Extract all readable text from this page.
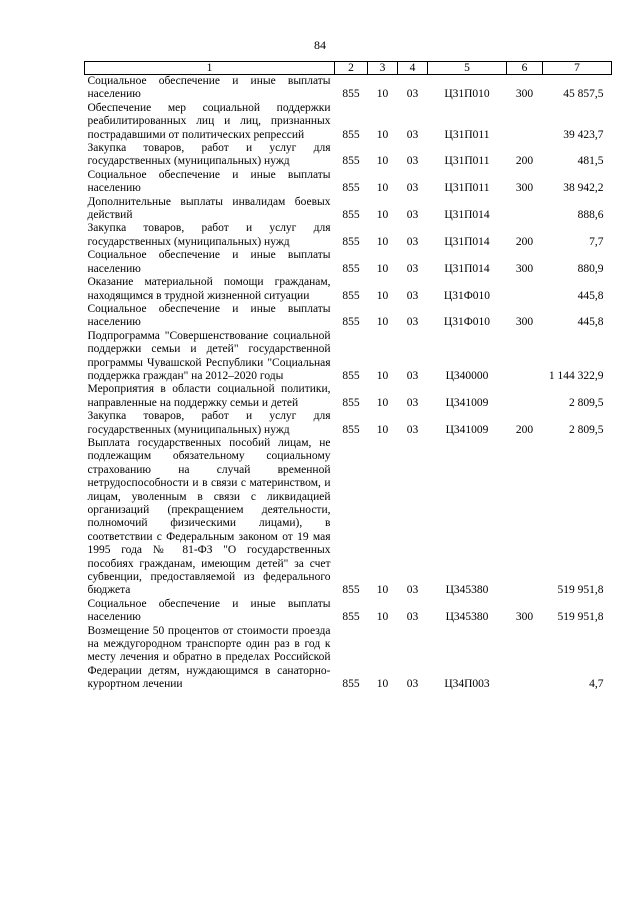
84
1	2	3	4	5	6	7
Социальное обеспечение и иные выплаты населению	855	10	03	Ц31П010	300	45 857,5
Обеспечение мер социальной поддержки реабилитированных лиц и лиц, признанных пострадавшими от политических репрессий	855	10	03	Ц31П011		39 423,7
Закупка товаров, работ и услуг для государственных (муниципальных) нужд	855	10	03	Ц31П011	200	481,5
Социальное обеспечение и иные выплаты населению	855	10	03	Ц31П011	300	38 942,2
Дополнительные выплаты инвалидам боевых действий	855	10	03	Ц31П014		888,6
Закупка товаров, работ и услуг для государственных (муниципальных) нужд	855	10	03	Ц31П014	200	7,7
Социальное обеспечение и иные выплаты населению	855	10	03	Ц31П014	300	880,9
Оказание материальной помощи гражданам, находящимся в трудной жизненной ситуации	855	10	03	Ц31Ф010		445,8
Социальное обеспечение и иные выплаты населению	855	10	03	Ц31Ф010	300	445,8
Подпрограмма "Совершенствование социальной поддержки семьи и детей" государственной программы Чувашской Республики "Социальная поддержка граждан" на 2012–2020 годы	855	10	03	Ц340000		1 144 322,9
Мероприятия в области социальной политики, направленные на поддержку семьи и детей	855	10	03	Ц341009		2 809,5
Закупка товаров, работ и услуг для государственных (муниципальных) нужд	855	10	03	Ц341009	200	2 809,5
Выплата государственных пособий лицам, не подлежащим обязательному социальному страхованию на случай временной нетрудоспособности и в связи с материнством, и лицам, уволенным в связи с ликвидацией организаций (прекращением деятельности, полномочий физическими лицами), в соответствии с Федеральным законом от 19 мая 1995 года № 81-ФЗ "О государственных пособиях гражданам, имеющим детей" за счет субвенции, предоставляемой из федерального бюджета	855	10	03	Ц345380		519 951,8
Социальное обеспечение и иные выплаты населению	855	10	03	Ц345380	300	519 951,8
Возмещение 50 процентов от стоимости проезда на междугородном транспорте один раз в год к месту лечения и обратно в пределах Российской Федерации детям, нуждающимся в санаторно-курортном лечении	855	10	03	Ц34П003		4,7
